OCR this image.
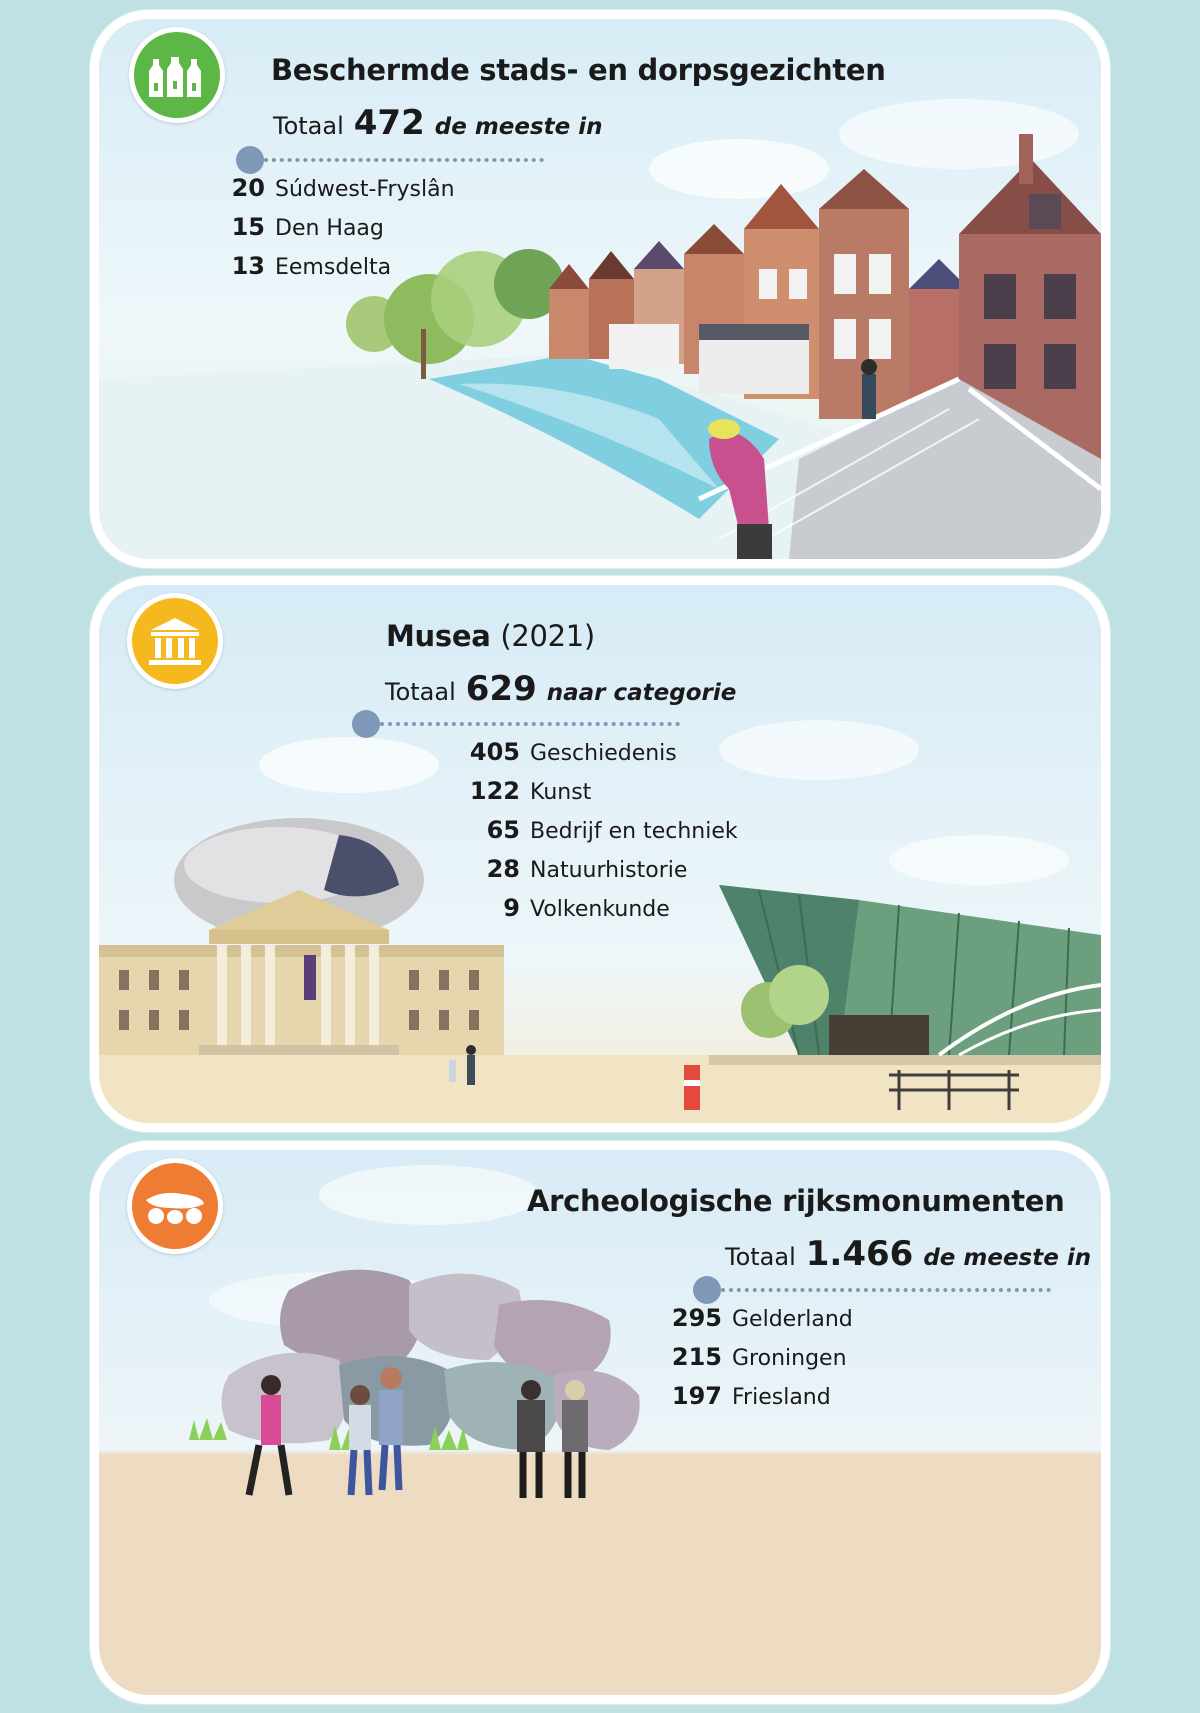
Beschermde stads- en dorpsgezichten
Totaal 472 de meeste in
20 Súdwest-Fryslân
15 Den Haag
13 Eemsdelta
Musea (2021)
Totaal 629 naar categorie
405 Geschiedenis
122 Kunst
65 Bedrijf en techniek
28 Natuurhistorie
9 Volkenkunde
Archeologische rijksmonumenten
Totaal 1.466 de meeste in
295 Gelderland
215 Groningen
197 Friesland
